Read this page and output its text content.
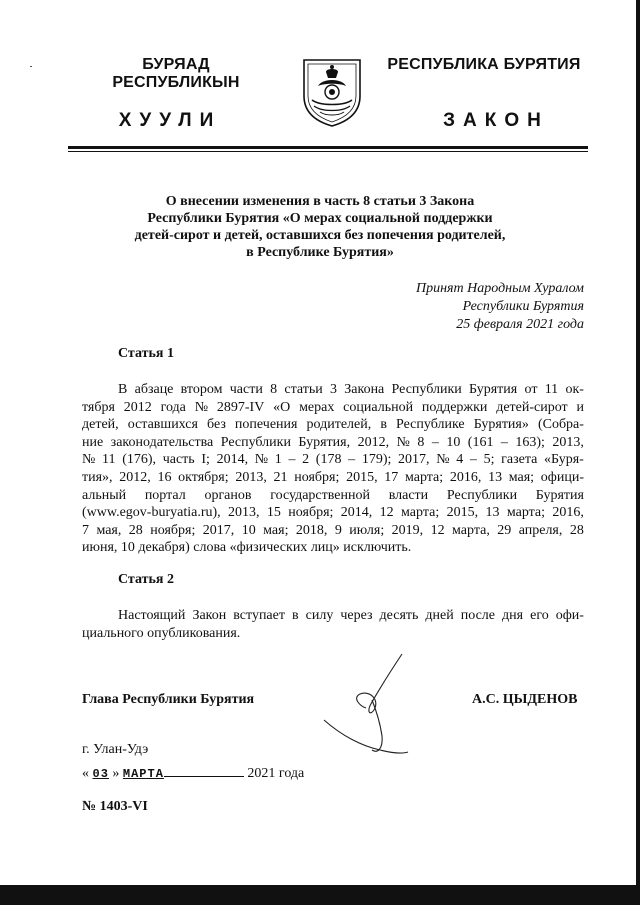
БУРЯАД РЕСПУБЛИКЫН
РЕСПУБЛИКА БУРЯТИЯ
ХУУЛИ	ЗАКОН
О внесении изменения в часть 8 статьи 3 Закона
Республики Бурятия «О мерах социальной поддержки
детей-сирот и детей, оставшихся без попечения родителей,
в Республике Бурятия»
Принят Народным Хуралом
Республики Бурятия
25 февраля 2021 года
Статья 1
В абзаце втором части 8 статьи 3 Закона Республики Бурятия от 11 ок-
тября 2012 года № 2897-IV «О мерах социальной поддержки детей-сирот и
детей, оставшихся без попечения родителей, в Республике Бурятия» (Собра-
ние законодательства Республики Бурятия, 2012, № 8 – 10 (161 – 163); 2013,
№ 11 (176), часть I; 2014, № 1 – 2 (178 – 179); 2017, № 4 – 5; газета «Буря-
тия», 2012, 16 октября; 2013, 21 ноября; 2015, 17 марта; 2016, 13 мая; офици-
альный портал органов государственной власти Республики Бурятия
(www.egov-buryatia.ru), 2013, 15 ноября; 2014, 12 марта; 2015, 13 марта; 2016,
7 мая, 28 ноября; 2017, 10 мая; 2018, 9 июля; 2019, 12 марта, 29 апреля, 28
июня, 10 декабря) слова «физических лиц» исключить.
Статья 2
Настоящий Закон вступает в силу через десять дней после дня его офи-
циального опубликования.
Глава Республики Бурятия	А.С. ЦЫДЕНОВ
г. Улан-Удэ
« 03 » МАРТА	2021 года
№ 1403-VI
